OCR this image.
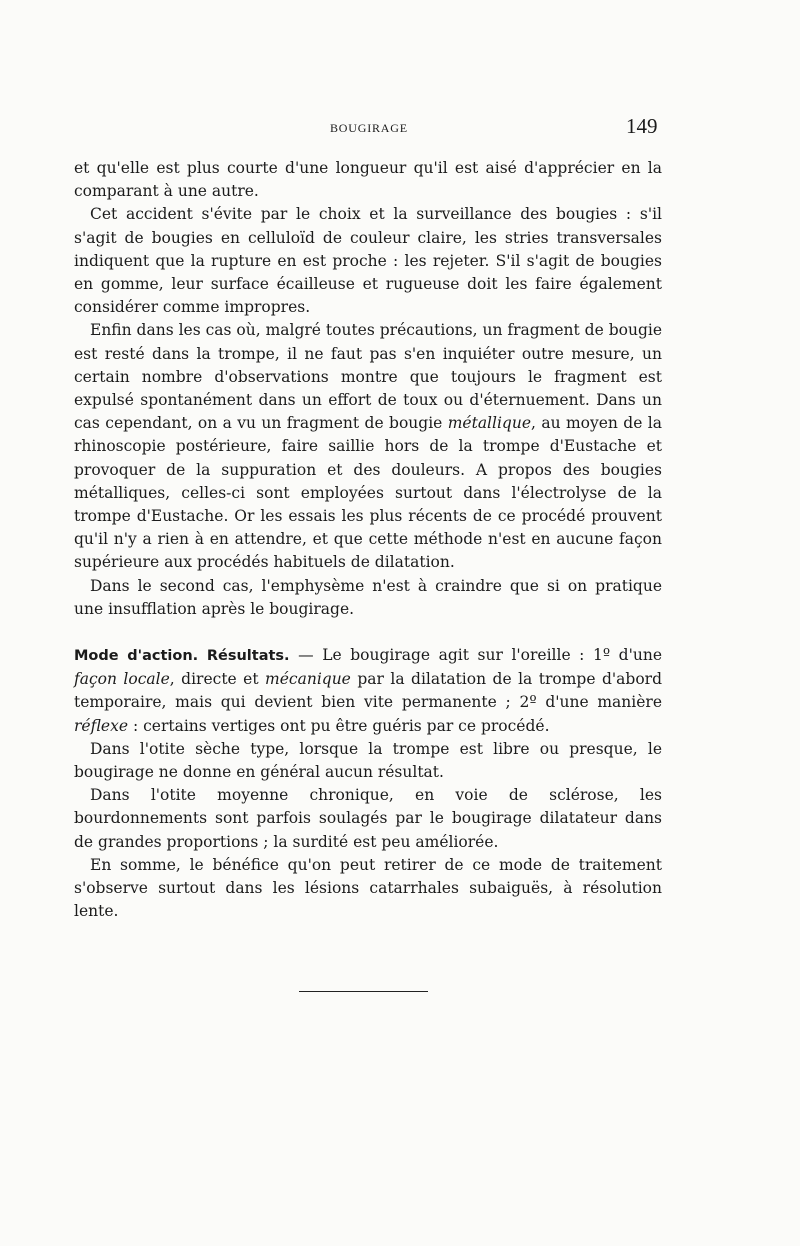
BOUGIRAGE	149

et qu'elle est plus courte d'une longueur qu'il est aisé d'apprécier en la comparant à une autre.

Cet accident s'évite par le choix et la surveillance des bougies : s'il s'agit de bougies en celluloïd de couleur claire, les stries transversales indiquent que la rupture en est proche : les rejeter. S'il s'agit de bougies en gomme, leur surface écailleuse et rugueuse doit les faire également considérer comme impropres.

Enfin dans les cas où, malgré toutes précautions, un fragment de bougie est resté dans la trompe, il ne faut pas s'en inquiéter outre mesure, un certain nombre d'observations montre que toujours le fragment est expulsé spontanément dans un effort de toux ou d'éternuement. Dans un cas cependant, on a vu un fragment de bougie métallique, au moyen de la rhinoscopie postérieure, faire saillie hors de la trompe d'Eustache et provoquer de la suppuration et des douleurs. A propos des bougies métalliques, celles-ci sont employées surtout dans l'électrolyse de la trompe d'Eustache. Or les essais les plus récents de ce procédé prouvent qu'il n'y a rien à en attendre, et que cette méthode n'est en aucune façon supérieure aux procédés habituels de dilatation.

Dans le second cas, l'emphysème n'est à craindre que si on pratique une insufflation après le bougirage.

Mode d'action. Résultats. — Le bougirage agit sur l'oreille : 1º d'une façon locale, directe et mécanique par la dilatation de la trompe d'abord temporaire, mais qui devient bien vite permanente ; 2º d'une manière réflexe : certains vertiges ont pu être guéris par ce procédé.

Dans l'otite sèche type, lorsque la trompe est libre ou presque, le bougirage ne donne en général aucun résultat.

Dans l'otite moyenne chronique, en voie de sclérose, les bourdonnements sont parfois soulagés par le bougirage dilatateur dans de grandes proportions ; la surdité est peu améliorée.

En somme, le bénéfice qu'on peut retirer de ce mode de traitement s'observe surtout dans les lésions catarrhales subaiguës, à résolution lente.
